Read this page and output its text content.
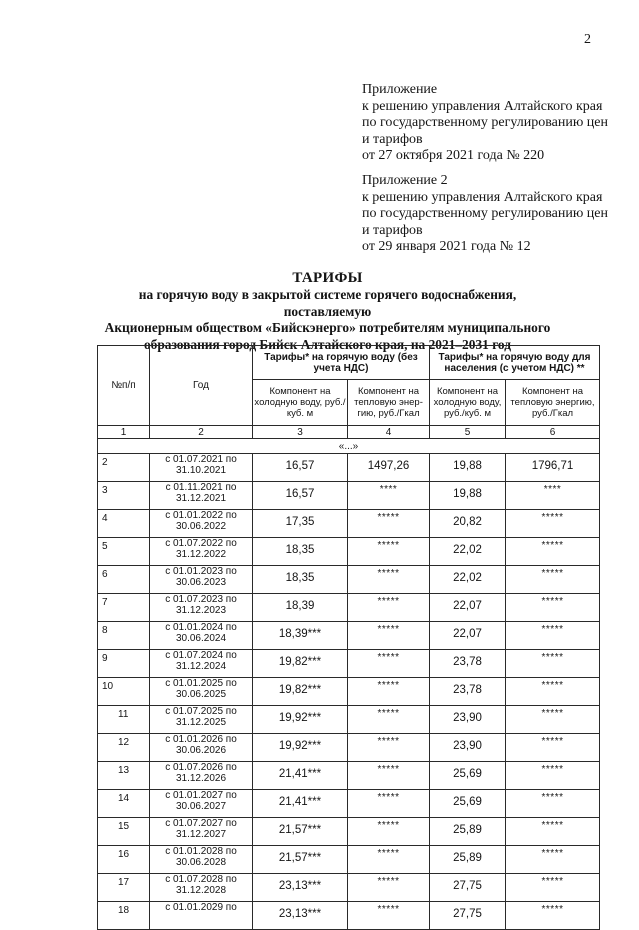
2
Приложение
к решению управления Алтайского края
по государственному регулированию цен
и тарифов
от 27 октября 2021 года № 220
Приложение 2
к решению управления Алтайского края
по государственному регулированию цен
и тарифов
от 29 января 2021 года № 12
ТАРИФЫ
на горячую воду в закрытой системе горячего водоснабжения, поставляемую
Акционерным обществом «Бийскэнерго» потребителям муниципального
образования город Бийск Алтайского края, на 2021–2031 год
№п/п	Год	Тарифы* на горячую воду (без учета НДС)		Тарифы* на горячую воду для населения (с учетом НДС) **	
		Компонент на холодную воду, руб./куб. м	Компонент на тепловую энер-гию, руб./Гкал	Компонент на холодную воду, руб./куб. м	Компонент на тепловую энергию, руб./Гкал
1	2	3	4	5	6
«...»					
2	с 01.07.2021 по
31.10.2021	16,57	1497,26	19,88	1796,71
3	с 01.11.2021 по
31.12.2021	16,57	****	19,88	****
4	с 01.01.2022 по
30.06.2022	17,35	*****	20,82	*****
5	с 01.07.2022 по
31.12.2022	18,35	*****	22,02	*****
6	с 01.01.2023 по
30.06.2023	18,35	*****	22,02	*****
7	с 01.07.2023 по
31.12.2023	18,39	*****	22,07	*****
8	с 01.01.2024 по
30.06.2024	18,39***	*****	22,07	*****
9	с 01.07.2024 по
31.12.2024	19,82***	*****	23,78	*****
10	с 01.01.2025 по
30.06.2025	19,82***	*****	23,78	*****
11	с 01.07.2025 по
31.12.2025	19,92***	*****	23,90	*****
12	с 01.01.2026 по
30.06.2026	19,92***	*****	23,90	*****
13	с 01.07.2026 по
31.12.2026	21,41***	*****	25,69	*****
14	с 01.01.2027 по
30.06.2027	21,41***	*****	25,69	*****
15	с 01.07.2027 по
31.12.2027	21,57***	*****	25,89	*****
16	с 01.01.2028 по
30.06.2028	21,57***	*****	25,89	*****
17	с 01.07.2028 по
31.12.2028	23,13***	*****	27,75	*****
18	с 01.01.2029 по	23,13***	*****	27,75	*****
